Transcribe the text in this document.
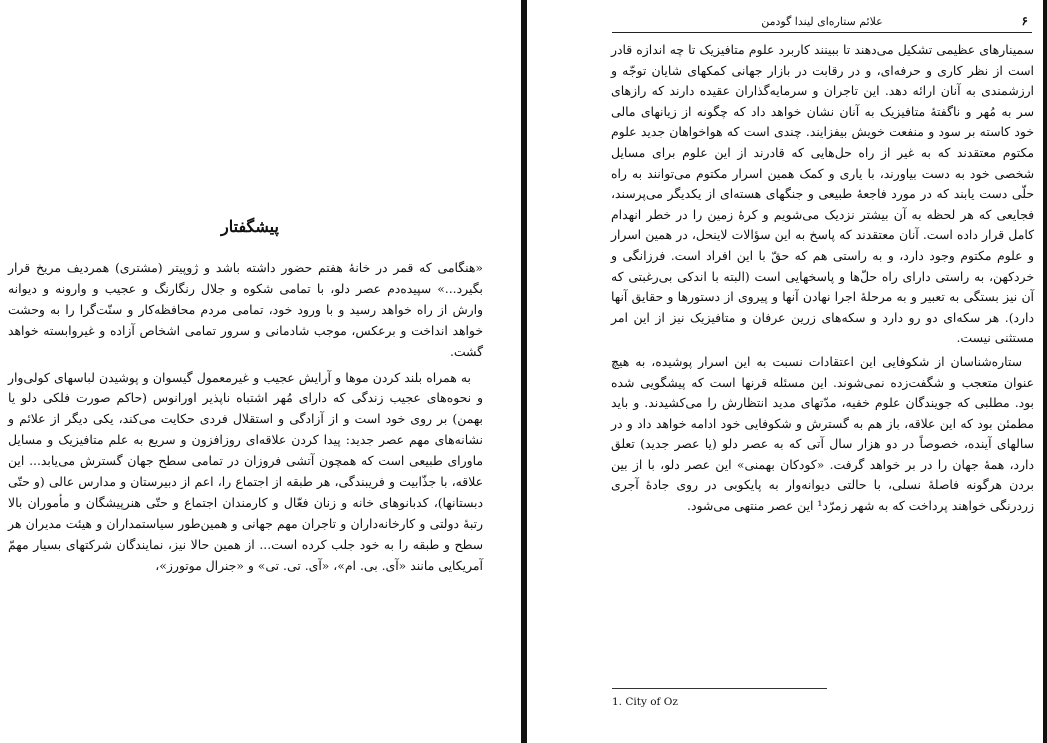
پیشگفتار

«هنگامی که قمر در خانهٔ هفتم حضور داشته باشد و ژوپیتر (مشتری) همردیف مریخ قرار بگیرد...» سپیده‌دم عصر دلو، با تمامی شکوه و جلال رنگارنگ و عجیب و وارونه و دیوانه وارش از راه خواهد رسید و با ورود خود، تمامی مردم محافظه‌کار و سنّت‌گرا را به وحشت خواهد انداخت و برعکس، موجب شادمانی و سرور تمامی اشخاص آزاده و غیروابسته خواهد گشت.

به همراه بلند کردن موها و آرایش عجیب و غیرمعمول گیسوان و پوشیدن لباسهای کولی‌وار و نحوه‌های عجیب زندگی که دارای مُهر اشتباه ناپذیر اورانوس (حاکم صورت فلکی دلو یا بهمن) بر روی خود است و از آزادگی و استقلال فردی حکایت می‌کند، یکی دیگر از علائم و نشانه‌های مهم عصر جدید: پیدا کردن علاقه‌ای روزافزون و سریع به علم متافیزیک و مسایل ماورای طبیعی است که همچون آتشی فروزان در تمامی سطح جهان گسترش می‌یابد... این علاقه، با جذّابیت و فریبندگی، هر طبقه از اجتماع را، اعم از دبیرستان و مدارس عالی (و حتّی دبستانها)، کدبانوهای خانه و زنان فعّال و کارمندان اجتماع و حتّی هنرپیشگان و مأموران بالا رتبهٔ دولتی و کارخانه‌داران و تاجران مهم جهانی و همین‌طور سیاستمداران و هیئت مدیران هر سطح و طبقه را به خود جلب کرده است... از همین حالا نیز، نمایندگان شرکتهای بسیار مهمّ آمریکایی مانند «آی. بی. ام»، «آی. تی. تی» و «جنرال موتورز»،

۶
علائم ستاره‌ای لیندا گودمن

سمینارهای عظیمی تشکیل می‌دهند تا ببینند کاربرد علوم متافیزیک تا چه اندازه قادر است از نظر کاری و حرفه‌ای، و در رقابت در بازار جهانی کمکهای شایان توجّه و ارزشمندی به آنان ارائه دهد. این تاجران و سرمایه‌گذاران عقیده دارند که رازهای سر به مُهر و ناگفتهٔ متافیزیک به آنان نشان خواهد داد که چگونه از زیانهای مالی خود کاسته بر سود و منفعت خویش بیفزایند. چندی است که هواخواهان جدید علوم مکتوم معتقدند که به غیر از راه حل‌هایی که قادرند از این علوم برای مسایل شخصی خود به دست بیاورند، با یاری و کمک همین اسرار مکتوم می‌توانند به راه حلّی دست یابند که در مورد فاجعهٔ طبیعی و جنگهای هسته‌ای از یکدیگر می‌پرسند، فجایعی که هر لحظه به آن بیشتر نزدیک می‌شویم و کرهٔ زمین را در خطر انهدام کامل قرار داده است. آنان معتقدند که پاسخ به این سؤالات لاینحل، در همین اسرار و علوم مکتوم وجود دارد، و به راستی هم که حقّ با این افراد است. فرزانگی و خردکهن، به راستی دارای راه حلّ‌ها و پاسخهایی است (البته با اندکی بی‌رغبتی که آن نیز بستگی به تعبیر و به مرحلهٔ اجرا نهادن آنها و پیروی از دستورها و حقایق آنها دارد). هر سکه‌ای دو رو دارد و سکه‌های زرین عرفان و متافیزیک نیز از این امر مستثنی نیست.

ستاره‌شناسان از شکوفایی این اعتقادات نسبت به این اسرار پوشیده، به هیچ عنوان متعجب و شگفت‌زده نمی‌شوند. این مسئله قرنها است که پیشگویی شده بود. مطلبی که جویندگان علوم خفیه، مدّتهای مدید انتظارش را می‌کشیدند. و باید مطمئن بود که این علاقه، باز هم به گسترش و شکوفایی خود ادامه خواهد داد و در سالهای آینده، خصوصاً در دو هزار سال آتی که به عصر دلو (یا عصر جدید) تعلق دارد، همهٔ جهان را در بر خواهد گرفت. «کودکان بهمنی» این عصر دلو، با از بین بردن هرگونه فاصلهٔ نسلی، با حالتی دیوانه‌وار به پایکوبی در روی جادهٔ آجری زردرنگی خواهند پرداخت که به شهر زمرّد¹ این عصر منتهی می‌شود.

1. City of Oz
